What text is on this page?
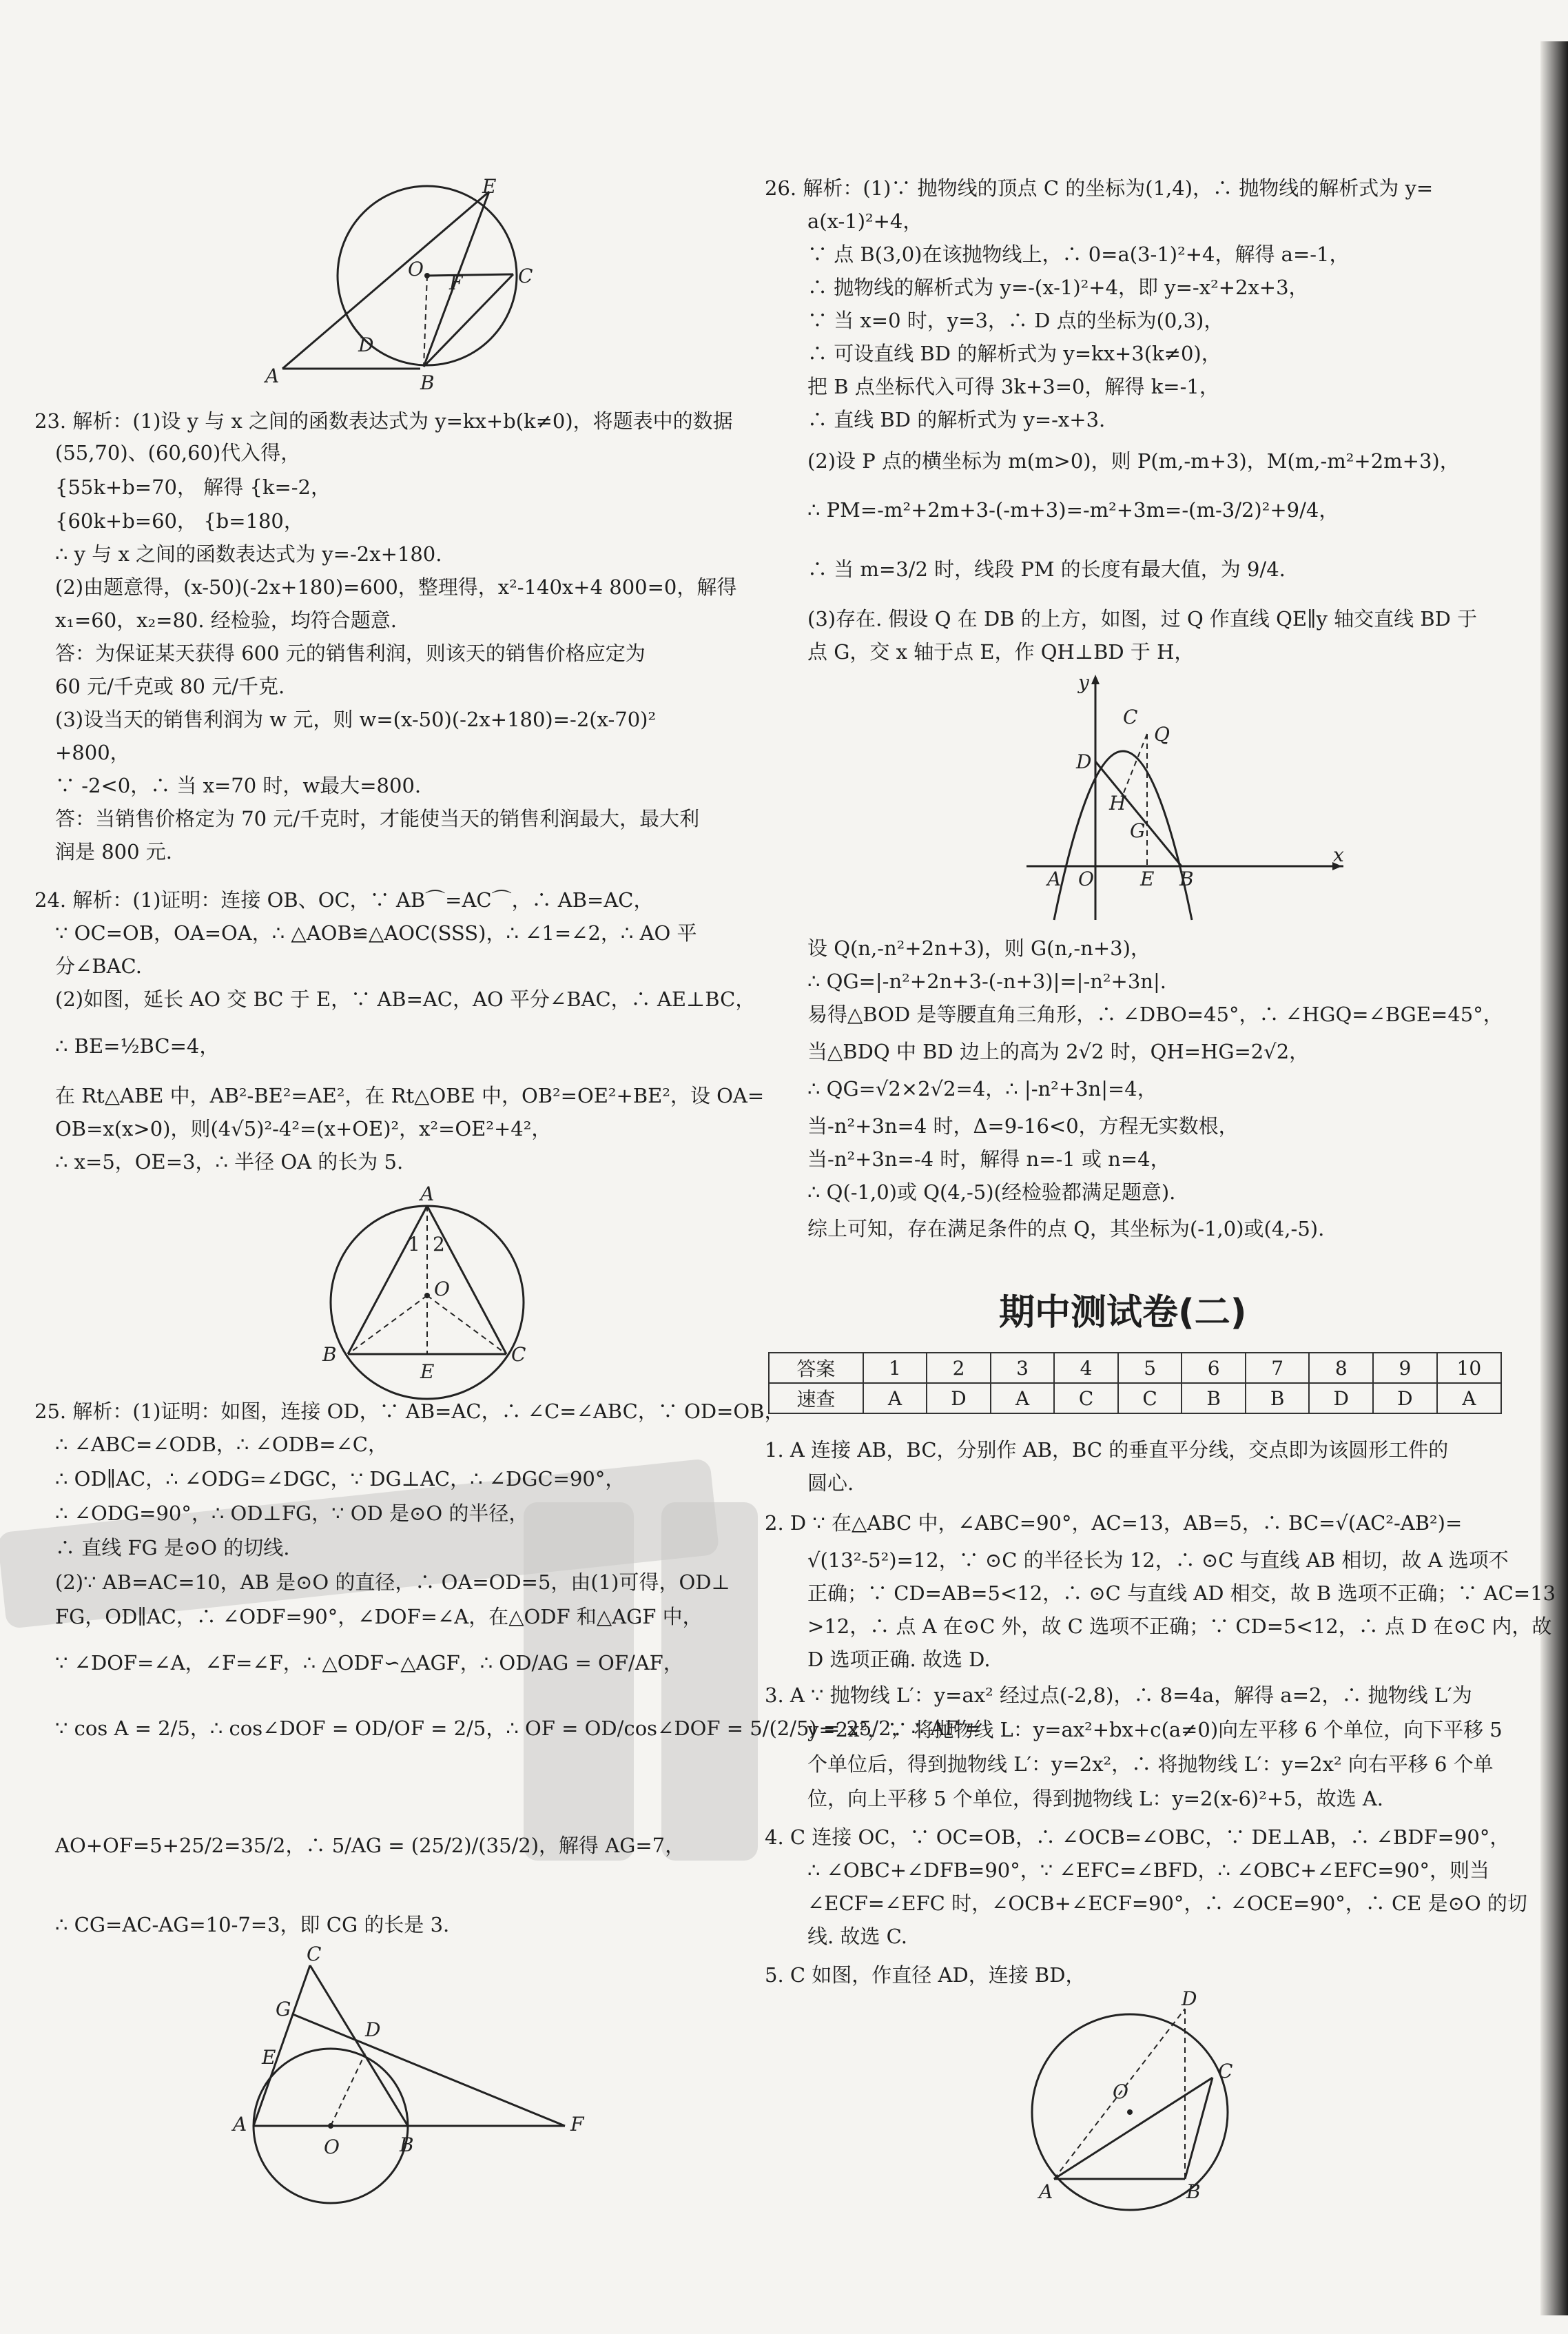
E
O
F	C
D
A	B
23. 解析：(1)设 y 与 x 之间的函数表达式为 y=kx+b(k≠0)，将题表中的数据
(55,70)、(60,60)代入得，
{55k+b=70， 解得 {k=-2，
{60k+b=60， {b=180，
∴ y 与 x 之间的函数表达式为 y=-2x+180.
(2)由题意得，(x-50)(-2x+180)=600，整理得，x²-140x+4 800=0，解得
x₁=60，x₂=80. 经检验，均符合题意.
答：为保证某天获得 600 元的销售利润，则该天的销售价格应定为
60 元/千克或 80 元/千克.
(3)设当天的销售利润为 w 元，则 w=(x-50)(-2x+180)=-2(x-70)²
+800，
∵ -2<0，∴ 当 x=70 时，w最大=800.
答：当销售价格定为 70 元/千克时，才能使当天的销售利润最大，最大利
润是 800 元.
24. 解析：(1)证明：连接 OB、OC，∵ AB⌒=AC⌒，∴ AB=AC，
∵ OC=OB，OA=OA，∴ △AOB≌△AOC(SSS)，∴ ∠1=∠2，∴ AO 平
分∠BAC.
(2)如图，延长 AO 交 BC 于 E，∵ AB=AC，AO 平分∠BAC，∴ AE⊥BC，
∴ BE=½BC=4，
在 Rt△ABE 中，AB²-BE²=AE²，在 Rt△OBE 中，OB²=OE²+BE²，设 OA=
OB=x(x>0)，则(4√5)²-4²=(x+OE)²，x²=OE²+4²，
∴ x=5，OE=3，∴ 半径 OA 的长为 5.
A
1 2
O
B
E
C
25. 解析：(1)证明：如图，连接 OD，∵ AB=AC，∴ ∠C=∠ABC，∵ OD=OB，
∴ ∠ABC=∠ODB，∴ ∠ODB=∠C，
∴ OD∥AC，∴ ∠ODG=∠DGC，∵ DG⊥AC，∴ ∠DGC=90°，
∴ ∠ODG=90°，∴ OD⊥FG，∵ OD 是⊙O 的半径，
∴ 直线 FG 是⊙O 的切线.
(2)∵ AB=AC=10，AB 是⊙O 的直径，∴ OA=OD=5，由(1)可得，OD⊥
FG，OD∥AC，∴ ∠ODF=90°，∠DOF=∠A，在△ODF 和△AGF 中，
∵ ∠DOF=∠A，∠F=∠F，∴ △ODF∽△AGF，∴ OD/AG = OF/AF，
∵ cos A = 2/5，∴ cos∠DOF = OD/OF = 2/5，∴ OF = OD/cos∠DOF = 5/(2/5) = 25/2，∴ AF =
AO+OF=5+25/2=35/2，∴ 5/AG = (25/2)/(35/2)，解得 AG=7，
∴ CG=AC-AG=10-7=3，即 CG 的长是 3.
C
G
D
E
A
O	B
F
26. 解析：(1)∵ 抛物线的顶点 C 的坐标为(1,4)，∴ 抛物线的解析式为 y=
a(x-1)²+4，
∵ 点 B(3,0)在该抛物线上，∴ 0=a(3-1)²+4，解得 a=-1，
∴ 抛物线的解析式为 y=-(x-1)²+4，即 y=-x²+2x+3，
∵ 当 x=0 时，y=3，∴ D 点的坐标为(0,3)，
∴ 可设直线 BD 的解析式为 y=kx+3(k≠0)，
把 B 点坐标代入可得 3k+3=0，解得 k=-1，
∴ 直线 BD 的解析式为 y=-x+3.
(2)设 P 点的横坐标为 m(m>0)，则 P(m,-m+3)，M(m,-m²+2m+3)，
∴ PM=-m²+2m+3-(-m+3)=-m²+3m=-(m-3/2)²+9/4，
∴ 当 m=3/2 时，线段 PM 的长度有最大值，为 9/4.
(3)存在. 假设 Q 在 DB 的上方，如图，过 Q 作直线 QE∥y 轴交直线 BD 于
点 G，交 x 轴于点 E，作 QH⊥BD 于 H，
y
C
Q
D
H
G
A O E B
x
设 Q(n,-n²+2n+3)，则 G(n,-n+3)，
∴ QG=|-n²+2n+3-(-n+3)|=|-n²+3n|.
易得△BOD 是等腰直角三角形，∴ ∠DBO=45°，∴ ∠HGQ=∠BGE=45°，
当△BDQ 中 BD 边上的高为 2√2 时，QH=HG=2√2，
∴ QG=√2×2√2=4，∴ |-n²+3n|=4，
当-n²+3n=4 时，Δ=9-16<0，方程无实数根，
当-n²+3n=-4 时，解得 n=-1 或 n=4，
∴ Q(-1,0)或 Q(4,-5)(经检验都满足题意).
综上可知，存在满足条件的点 Q，其坐标为(-1,0)或(4,-5).
期中测试卷(二)
答案	1	2	3	4	5	6	7	8	9	10
速查	A	D	A	C	C	B	B	D	D	A
1. A 连接 AB，BC，分别作 AB，BC 的垂直平分线，交点即为该圆形工件的
圆心.
2. D ∵ 在△ABC 中，∠ABC=90°，AC=13，AB=5，∴ BC=√(AC²-AB²)=
√(13²-5²)=12，∵ ⊙C 的半径长为 12，∴ ⊙C 与直线 AB 相切，故 A 选项不
正确；∵ CD=AB=5<12，∴ ⊙C 与直线 AD 相交，故 B 选项不正确；∵ AC=13
>12，∴ 点 A 在⊙C 外，故 C 选项不正确；∵ CD=5<12，∴ 点 D 在⊙C 内，故
D 选项正确. 故选 D.
3. A ∵ 抛物线 L′：y=ax² 经过点(-2,8)，∴ 8=4a，解得 a=2，∴ 抛物线 L′为
y=2x²，∵ 将抛物线 L：y=ax²+bx+c(a≠0)向左平移 6 个单位，向下平移 5
个单位后，得到抛物线 L′：y=2x²，∴ 将抛物线 L′：y=2x² 向右平移 6 个单
位，向上平移 5 个单位，得到抛物线 L：y=2(x-6)²+5，故选 A.
4. C 连接 OC，∵ OC=OB，∴ ∠OCB=∠OBC，∵ DE⊥AB，∴ ∠BDF=90°，
∴ ∠OBC+∠DFB=90°，∵ ∠EFC=∠BFD，∴ ∠OBC+∠EFC=90°，则当
∠ECF=∠EFC 时，∠OCB+∠ECF=90°，∴ ∠OCE=90°，∴ CE 是⊙O 的切
线. 故选 C.
5. C 如图，作直径 AD，连接 BD，
D
C
O
A	B
